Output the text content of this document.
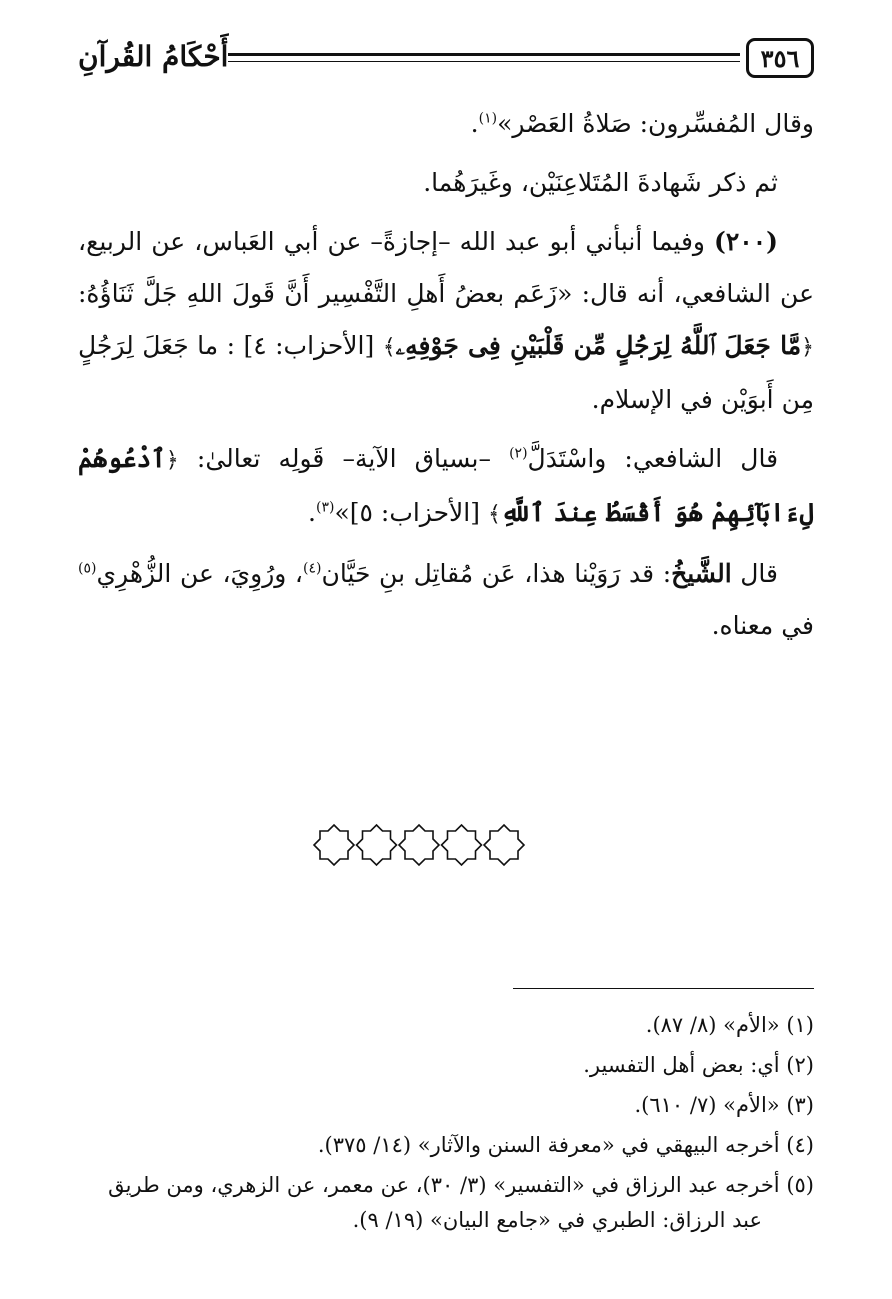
٣٥٦
أَحْكَامُ القُرآنِ

وقال المُفسِّرون: صَلاةُ العَصْر»$^{(١)}$.

ثم ذكر شَهادةَ المُتَلاعِنَيْن، وغَيرَهُما.

(٢٠٠) وفيما أنبأني أبو عبد الله –إجازةً– عن أبي العَباس، عن الربيع، عن الشافعي، أنه قال: «زَعَم بعضُ أَهلِ التَّفْسِير أَنَّ قَولَ اللهِ جَلَّ ثَنَاؤُهُ: ﴿مَّا جَعَلَ ٱللَّهُ لِرَجُلٍ مِّن قَلْبَيْنِ فِى جَوْفِهِۦ﴾ [الأحزاب: ٤] : ما جَعَلَ لِرَجُلٍ مِن أَبوَيْن في الإسلام.

قال الشافعي: واسْتَدَلَّ$^{(٢)}$ –بسياق الآية– قَولِه تعالىٰ: ﴿ٱدْعُوهُمْ لِءَابَآئِهِمْ هُوَ أَقْسَطُ عِندَ ٱللَّهِ﴾ [الأحزاب: ٥]»$^{(٣)}$.

قال الشَّيخُ: قد رَوَيْنا هذا، عَن مُقاتِل بنِ حَيَّان$^{(٤)}$، ورُوِيَ، عن الزُّهْرِي$^{(٥)}$ في معناه.

(١) «الأم» (٨/ ٨٧).

(٢) أي: بعض أهل التفسير.

(٣) «الأم» (٧/ ٦١٠).

(٤) أخرجه البيهقي في «معرفة السنن والآثار» (١٤/ ٣٧٥).

(٥) أخرجه عبد الرزاق في «التفسير» (٣/ ٣٠)، عن معمر، عن الزهري، ومن طريق عبد الرزاق: الطبري في «جامع البيان» (١٩/ ٩).
